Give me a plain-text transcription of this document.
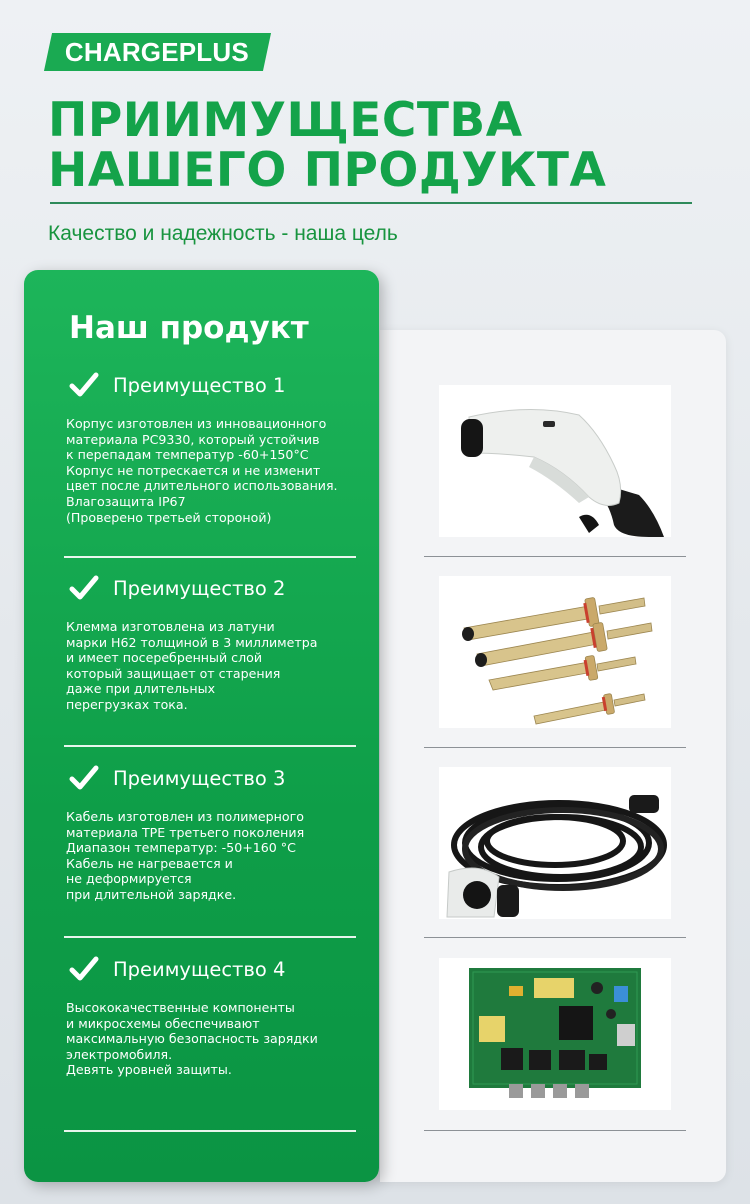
CHARGEPLUS
ПРИИМУЩЕСТВА
НАШЕГО ПРОДУКТА

Качество и надежность - наша цель

Наш продукт
Преимущество 1

Корпус изготовлен из инновационного
материала PC9330, который устойчив
к перепадам температур -60+150°C
Корпус не потрескается и не изменит
цвет после длительного использования.
Влагозащита IP67
(Проверено третьей стороной)

Преимущество 2

Клемма изготовлена из латуни
марки H62 толщиной в 3 миллиметра
и имеет посеребренный слой
который защищает от старения
даже при длительных
перегрузках тока.

Преимущество 3

Кабель изготовлен из полимерного
материала TPE третьего поколения
Диапазон температур: -50+160 °C
Кабель не нагревается и
не деформируется
при длительной зарядке.

Преимущество 4

Высококачественные компоненты
и микросхемы обеспечивают
максимальную безопасность зарядки
электромобиля.
Девять уровней защиты.
